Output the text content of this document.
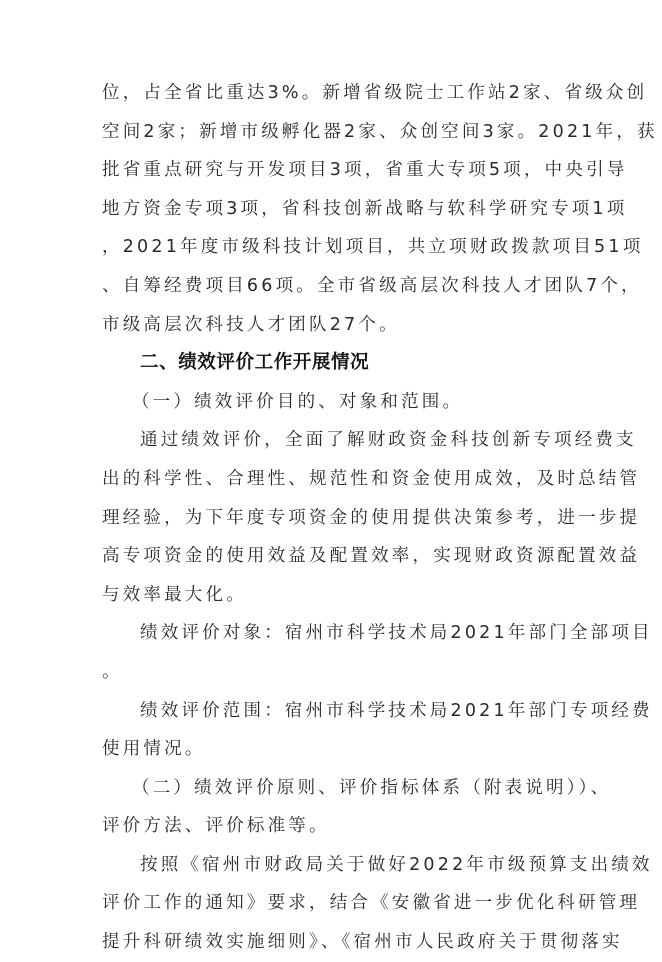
位，占全省比重达3%。新增省级院士工作站2家、省级众创
空间2家；新增市级孵化器2家、众创空间3家。2021年，获
批省重点研究与开发项目3项，省重大专项5项，中央引导
地方资金专项3项，省科技创新战略与软科学研究专项1项
，2021年度市级科技计划项目，共立项财政拨款项目51项
、自筹经费项目66项。全市省级高层次科技人才团队7个，
市级高层次科技人才团队27个。
二、绩效评价工作开展情况
（一）绩效评价目的、对象和范围。
通过绩效评价，全面了解财政资金科技创新专项经费支
出的科学性、合理性、规范性和资金使用成效，及时总结管
理经验，为下年度专项资金的使用提供决策参考，进一步提
高专项资金的使用效益及配置效率，实现财政资源配置效益
与效率最大化。
绩效评价对象：宿州市科学技术局2021年部门全部项目
。
绩效评价范围：宿州市科学技术局2021年部门专项经费
使用情况。
（二）绩效评价原则、评价指标体系（附表说明））、
评价方法、评价标准等。
按照《宿州市财政局关于做好2022年市级预算支出绩效
评价工作的通知》要求，结合《安徽省进一步优化科研管理
提升科研绩效实施细则》、《宿州市人民政府关于贯彻落实
